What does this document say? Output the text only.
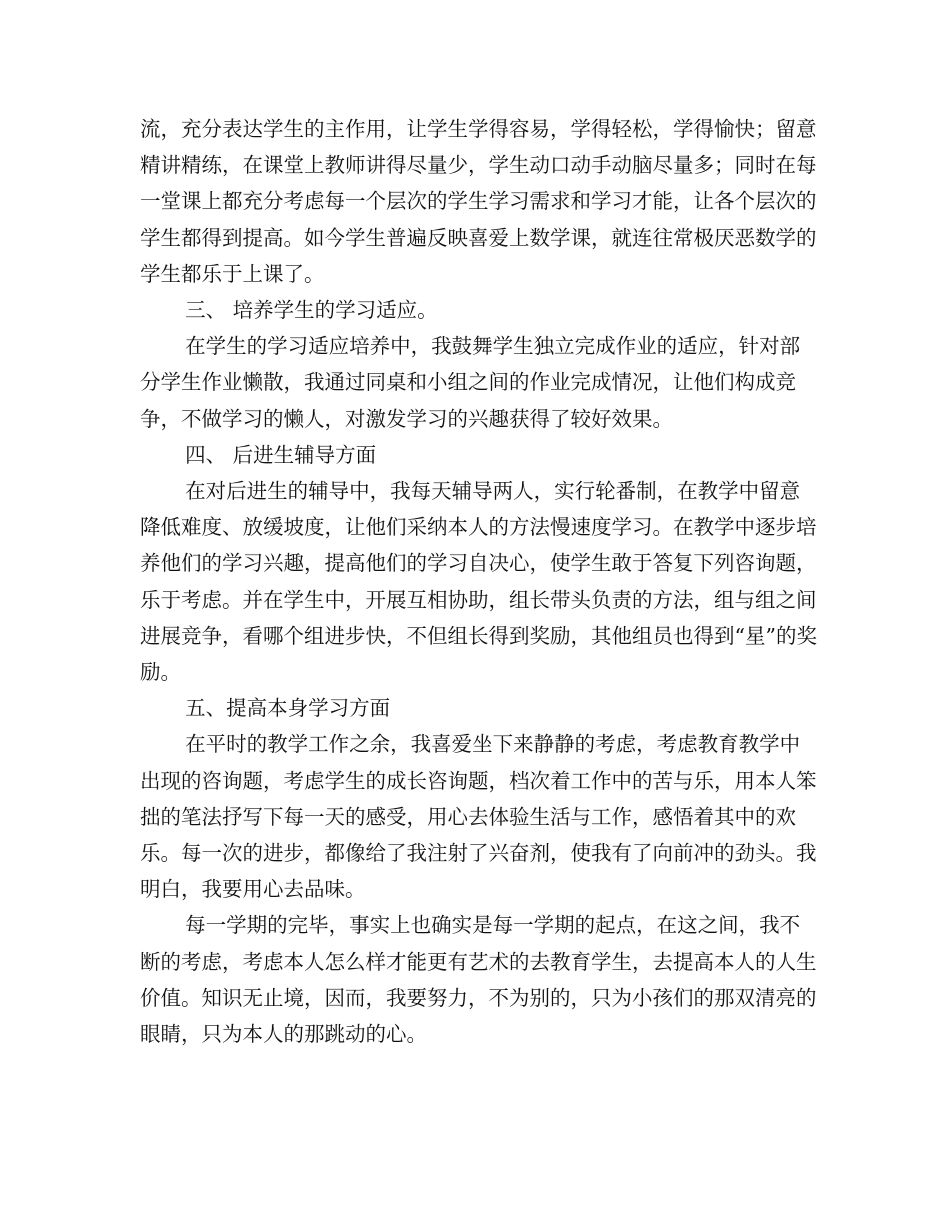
流，充分表达学生的主作用，让学生学得容易，学得轻松，学得愉快；留意精讲精练，在课堂上教师讲得尽量少，学生动口动手动脑尽量多；同时在每一堂课上都充分考虑每一个层次的学生学习需求和学习才能，让各个层次的学生都得到提高。如今学生普遍反映喜爱上数学课，就连往常极厌恶数学的学生都乐于上课了。

三、 培养学生的学习适应。

在学生的学习适应培养中，我鼓舞学生独立完成作业的适应，针对部分学生作业懒散，我通过同桌和小组之间的作业完成情况，让他们构成竞争，不做学习的懒人，对激发学习的兴趣获得了较好效果。

四、 后进生辅导方面

在对后进生的辅导中，我每天辅导两人，实行轮番制，在教学中留意降低难度、放缓坡度，让他们采纳本人的方法慢速度学习。在教学中逐步培养他们的学习兴趣，提高他们的学习自决心，使学生敢于答复下列咨询题，乐于考虑。并在学生中，开展互相协助，组长带头负责的方法，组与组之间进展竞争，看哪个组进步快，不但组长得到奖励，其他组员也得到“星”的奖励。

五、提高本身学习方面

在平时的教学工作之余，我喜爱坐下来静静的考虑，考虑教育教学中出现的咨询题，考虑学生的成长咨询题，档次着工作中的苦与乐，用本人笨拙的笔法抒写下每一天的感受，用心去体验生活与工作，感悟着其中的欢乐。每一次的进步，都像给了我注射了兴奋剂，使我有了向前冲的劲头。我明白，我要用心去品味。

每一学期的完毕，事实上也确实是每一学期的起点，在这之间，我不断的考虑，考虑本人怎么样才能更有艺术的去教育学生，去提高本人的人生价值。知识无止境，因而，我要努力，不为别的，只为小孩们的那双清亮的眼睛，只为本人的那跳动的心。
